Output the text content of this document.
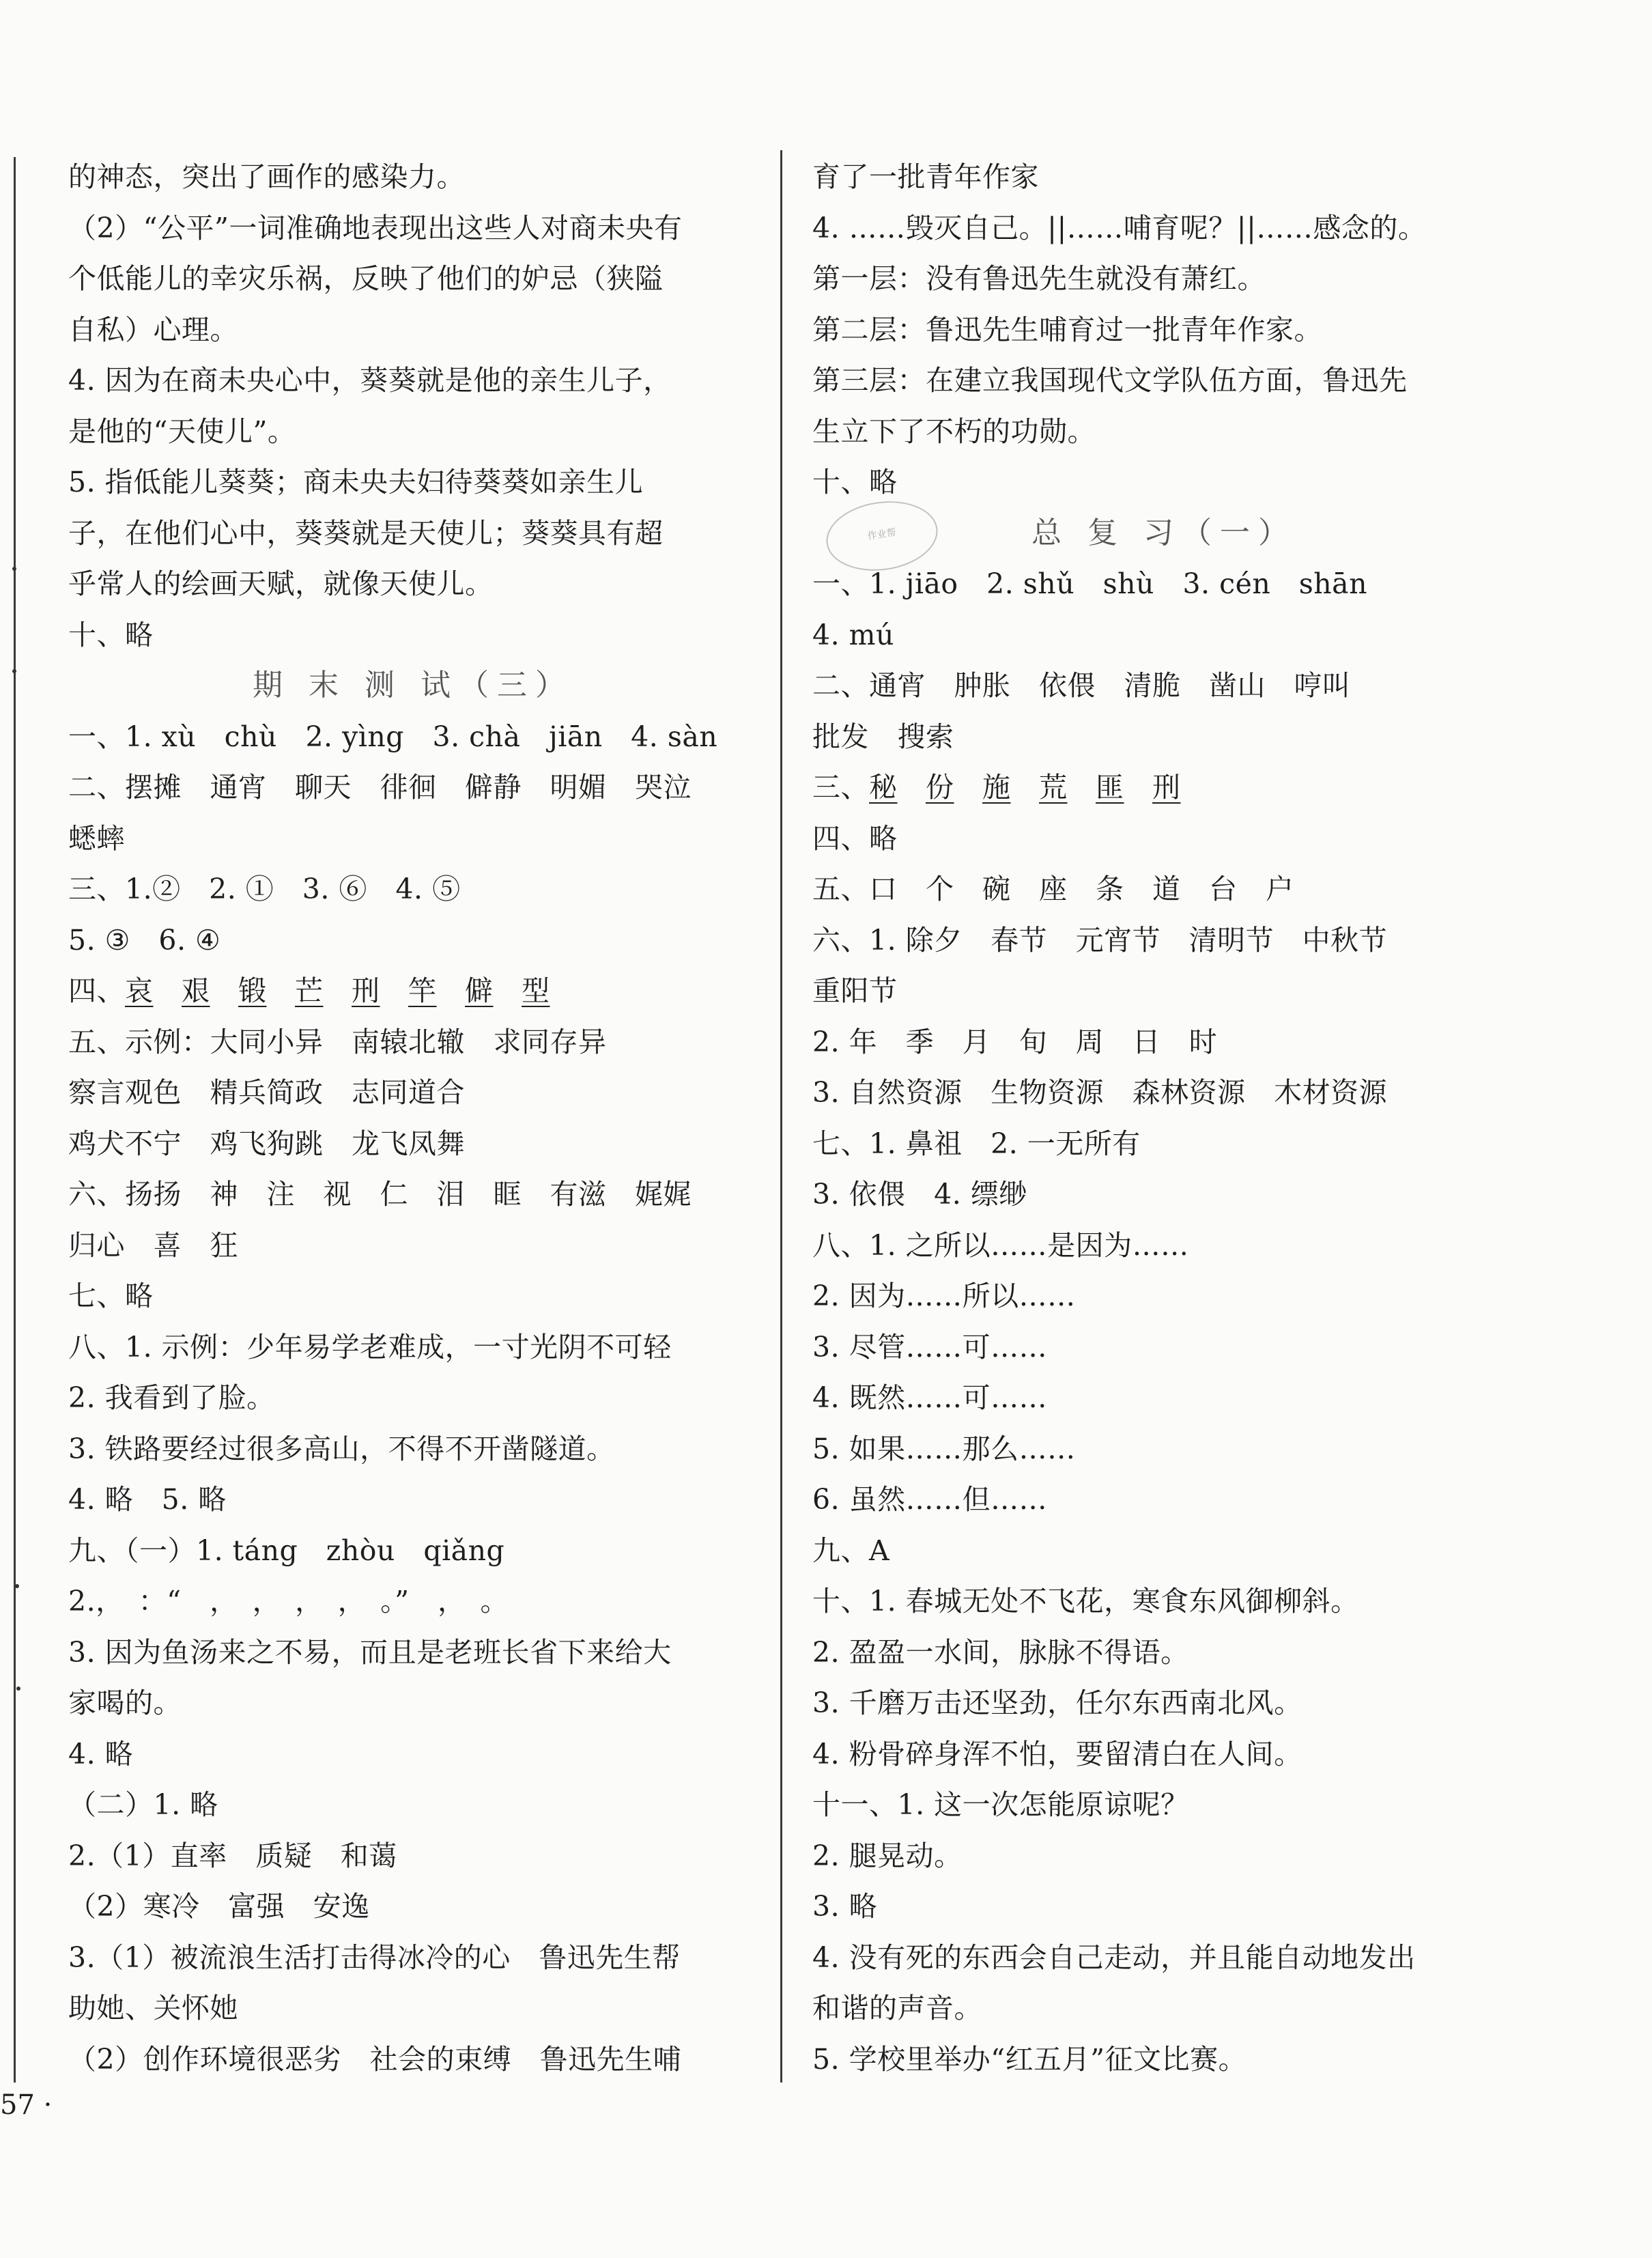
的神态，突出了画作的感染力。
（2）“公平”一词准确地表现出这些人对商未央有
个低能儿的幸灾乐祸，反映了他们的妒忌（狭隘
自私）心理。
4. 因为在商未央心中，葵葵就是他的亲生儿子，
是他的“天使儿”。
5. 指低能儿葵葵；商未央夫妇待葵葵如亲生儿
子，在他们心中，葵葵就是天使儿；葵葵具有超
乎常人的绘画天赋，就像天使儿。
十、略
期 末 测 试（三）
一、1. xù　chù　2. yìng　3. chà　jiān　4. sàn
二、摆摊　通宵　聊天　徘徊　僻静　明媚　哭泣
蟋蟀
三、1.②　2. ①　3. ⑥　4. ⑤
5. ③　6. ④
四、哀　 艰　 锻　 芒　 刑　 竿　 僻　 型
五、示例：大同小异　南辕北辙　求同存异
察言观色　精兵简政　志同道合
鸡犬不宁　鸡飞狗跳　龙飞凤舞
六、扬扬　神　注　视　仁　泪　眶　有滋　娓娓
归心　喜　狂
七、略
八、1. 示例：少年易学老难成，一寸光阴不可轻
2. 我看到了脸。
3. 铁路要经过很多高山，不得不开凿隧道。
4. 略　5. 略
九、（一）1. táng　zhòu　qiǎng
2.，　：“　，　，　，　，　。”　，　。
3. 因为鱼汤来之不易，而且是老班长省下来给大
家喝的。
4. 略
（二）1. 略
2.（1）直率　质疑　和蔼
（2）寒冷　富强　安逸
3.（1）被流浪生活打击得冰冷的心　鲁迅先生帮
助她、关怀她
（2）创作环境很恶劣　社会的束缚　鲁迅先生哺
育了一批青年作家
4. ……毁灭自己。||……哺育呢？||……感念的。
第一层：没有鲁迅先生就没有萧红。
第二层：鲁迅先生哺育过一批青年作家。
第三层：在建立我国现代文学队伍方面，鲁迅先
生立下了不朽的功勋。
十、略
总 复 习（一）
一、1. jiāo　2. shǔ　shù　3. cén　shān
4. mú
二、通宵　肿胀　依偎　清脆　凿山　哼叫
批发　搜索
三、秘　 份　 施　 荒　 匪　 刑
四、略
五、口　个　碗　座　条　道　台　户
六、1. 除夕　春节　元宵节　清明节　中秋节
重阳节
2. 年　季　月　旬　周　日　时
3. 自然资源　生物资源　森林资源　木材资源
七、1. 鼻祖　2. 一无所有
3. 依偎　4. 缥缈
八、1. 之所以……是因为……
2. 因为……所以……
3. 尽管……可……
4. 既然……可……
5. 如果……那么……
6. 虽然……但……
九、A
十、1. 春城无处不飞花，寒食东风御柳斜。
2. 盈盈一水间，脉脉不得语。
3. 千磨万击还坚劲，任尔东西南北风。
4. 粉骨碎身浑不怕，要留清白在人间。
十一、1. 这一次怎能原谅呢？
2. 腿晃动。
3. 略
4. 没有死的东西会自己走动，并且能自动地发出
和谐的声音。
5. 学校里举办“红五月”征文比赛。
作业帮
57 ·
